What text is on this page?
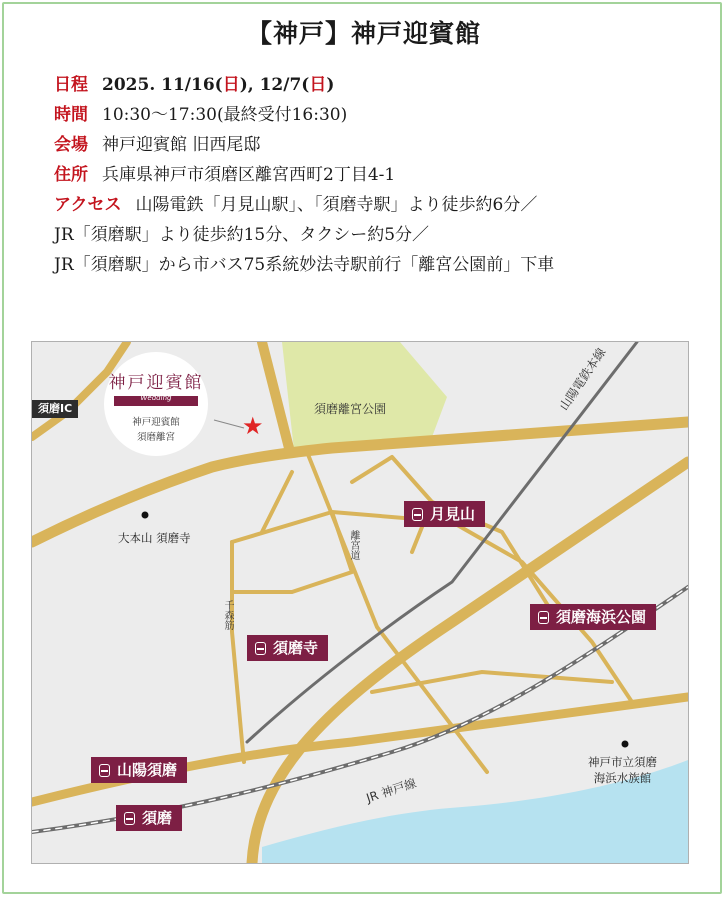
【神戸】神戸迎賓館
日程 2025. 11/16(日), 12/7(日)
時間 10:30〜17:30(最終受付16:30)
会場 神戸迎賓館 旧西尾邸
住所 兵庫県神戸市須磨区離宮西町2丁目4-1
アクセス 山陽電鉄「月見山駅」、「須磨寺駅」より徒歩約6分／
JR「須磨駅」より徒歩約15分、タクシー約5分／
JR「須磨駅」から市バス75系統妙法寺駅前行「離宮公園前」下車
須磨IC
神戸迎賓館
Wedding
神戸迎賓館
須磨離宮	★
須磨離宮公園
大本山 須磨寺
神戸市立須磨
海浜水族館
離宮道
千森筋
山陽電鉄本線
JR 神戸線
月見山
須磨海浜公園
須磨寺
山陽須磨
須磨
